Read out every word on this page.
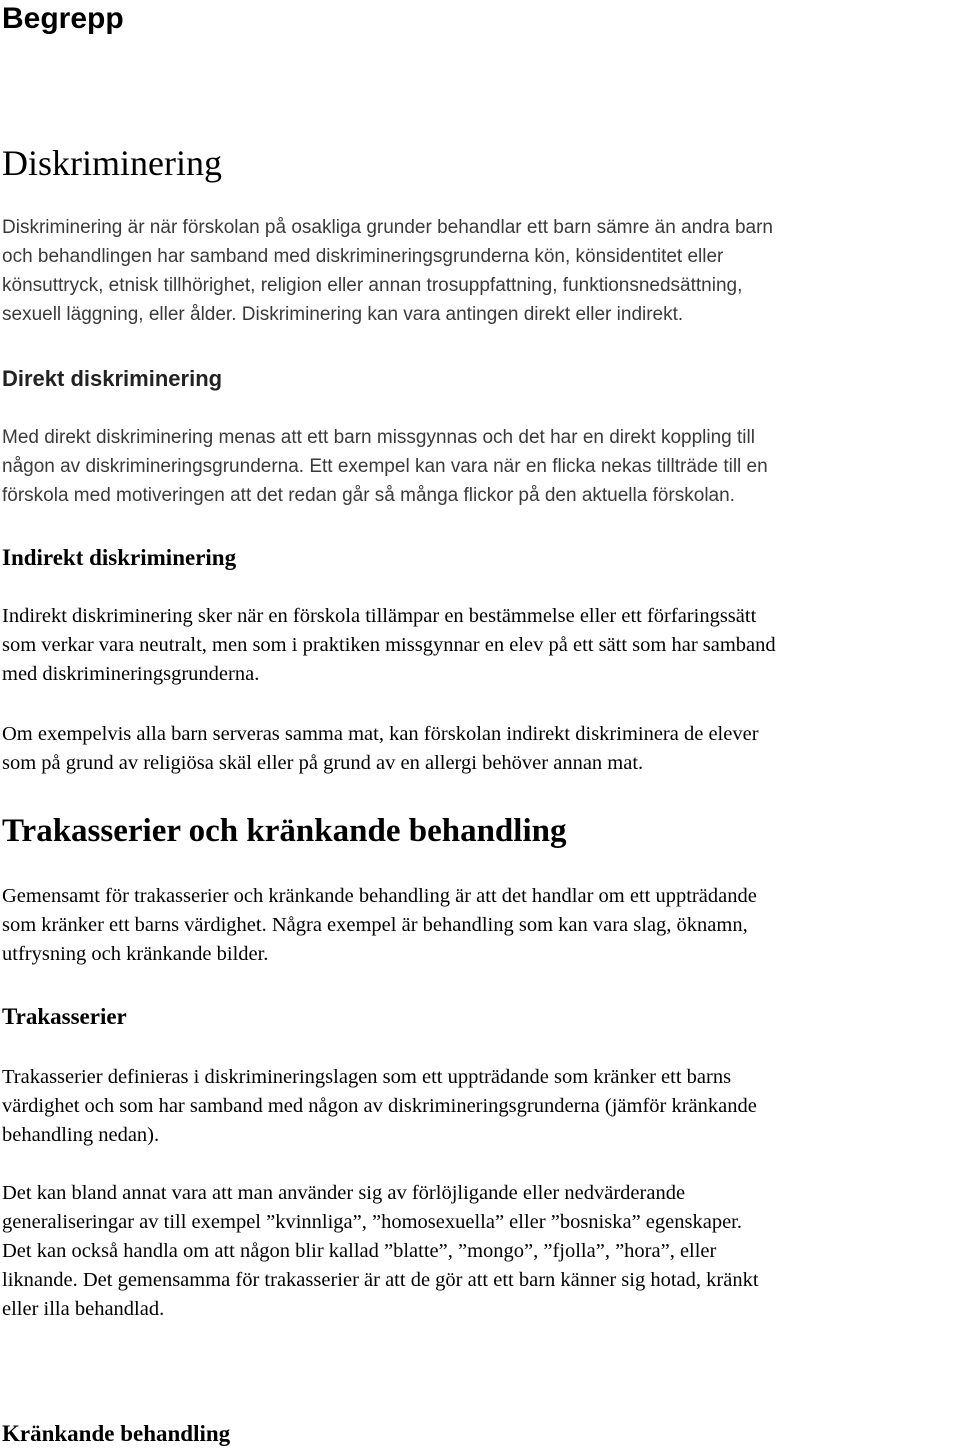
Begrepp
Diskriminering

Diskriminering är när förskolan på osakliga grunder behandlar ett barn sämre än andra barn
och behandlingen har samband med diskrimineringsgrunderna kön, könsidentitet eller
könsuttryck, etnisk tillhörighet, religion eller annan trosuppfattning, funktionsnedsättning,
sexuell läggning, eller ålder. Diskriminering kan vara antingen direkt eller indirekt.

Direkt diskriminering

Med direkt diskriminering menas att ett barn missgynnas och det har en direkt koppling till
någon av diskrimineringsgrunderna. Ett exempel kan vara när en flicka nekas tillträde till en
förskola med motiveringen att det redan går så många flickor på den aktuella förskolan.

Indirekt diskriminering

Indirekt diskriminering sker när en förskola tillämpar en bestämmelse eller ett förfaringssätt
som verkar vara neutralt, men som i praktiken missgynnar en elev på ett sätt som har samband
med diskrimineringsgrunderna.

Om exempelvis alla barn serveras samma mat, kan förskolan indirekt diskriminera de elever
som på grund av religiösa skäl eller på grund av en allergi behöver annan mat.

Trakasserier och kränkande behandling

Gemensamt för trakasserier och kränkande behandling är att det handlar om ett uppträdande
som kränker ett barns värdighet. Några exempel är behandling som kan vara slag, öknamn,
utfrysning och kränkande bilder.

Trakasserier

Trakasserier definieras i diskrimineringslagen som ett uppträdande som kränker ett barns
värdighet och som har samband med någon av diskrimineringsgrunderna (jämför kränkande
behandling nedan).

Det kan bland annat vara att man använder sig av förlöjligande eller nedvärderande
generaliseringar av till exempel ”kvinnliga”, ”homosexuella” eller ”bosniska” egenskaper.
Det kan också handla om att någon blir kallad ”blatte”, ”mongo”, ”fjolla”, ”hora”, eller
liknande. Det gemensamma för trakasserier är att de gör att ett barn känner sig hotad, kränkt
eller illa behandlad.

Kränkande behandling
